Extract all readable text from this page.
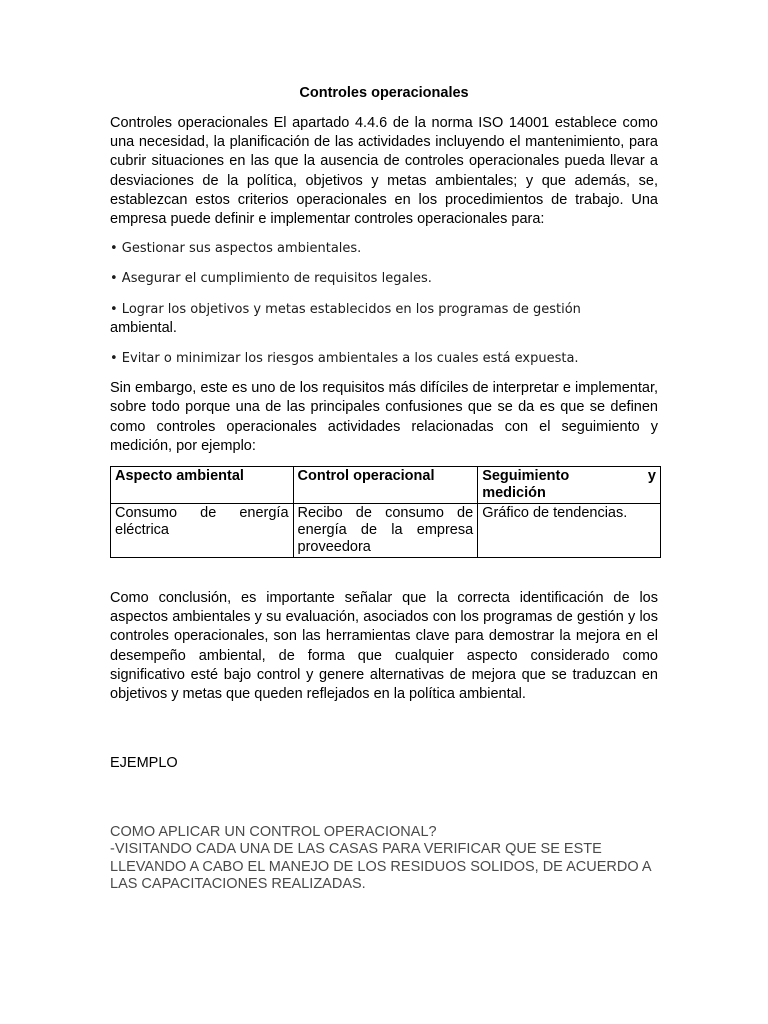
Controles operacionales

Controles operacionales El apartado 4.4.6 de la norma ISO 14001 establece como una necesidad, la planificación de las actividades incluyendo el mantenimiento, para cubrir situaciones en las que la ausencia de controles operacionales pueda llevar a desviaciones de la política, objetivos y metas ambientales; y que además, se, establezcan estos criterios operacionales en los procedimientos de trabajo. Una empresa puede definir e implementar controles operacionales para:

• Gestionar sus aspectos ambientales.

• Asegurar el cumplimiento de requisitos legales.

• Lograr los objetivos y metas establecidos en los programas de gestión
ambiental.

• Evitar o minimizar los riesgos ambientales a los cuales está expuesta.

Sin embargo, este es uno de los requisitos más difíciles de interpretar e implementar, sobre todo porque una de las principales confusiones que se da es que se definen como controles operacionales actividades relacionadas con el seguimiento y medición, por ejemplo:

Aspecto ambiental	Control operacional	Seguimiento y
medición

Consumo de energía
eléctrica	Recibo de consumo de energía de la empresa proveedora	Gráfico de tendencias.

Como conclusión, es importante señalar que la correcta identificación de los aspectos ambientales y su evaluación, asociados con los programas de gestión y los controles operacionales, son las herramientas clave para demostrar la mejora en el desempeño ambiental, de forma que cualquier aspecto considerado como significativo esté bajo control y genere alternativas de mejora que se traduzcan en objetivos y metas que queden reflejados en la política ambiental.

EJEMPLO

COMO APLICAR UN CONTROL OPERACIONAL?
-VISITANDO CADA UNA DE LAS CASAS PARA VERIFICAR QUE SE ESTE LLEVANDO A CABO EL MANEJO DE LOS RESIDUOS SOLIDOS, DE ACUERDO A LAS CAPACITACIONES REALIZADAS.
